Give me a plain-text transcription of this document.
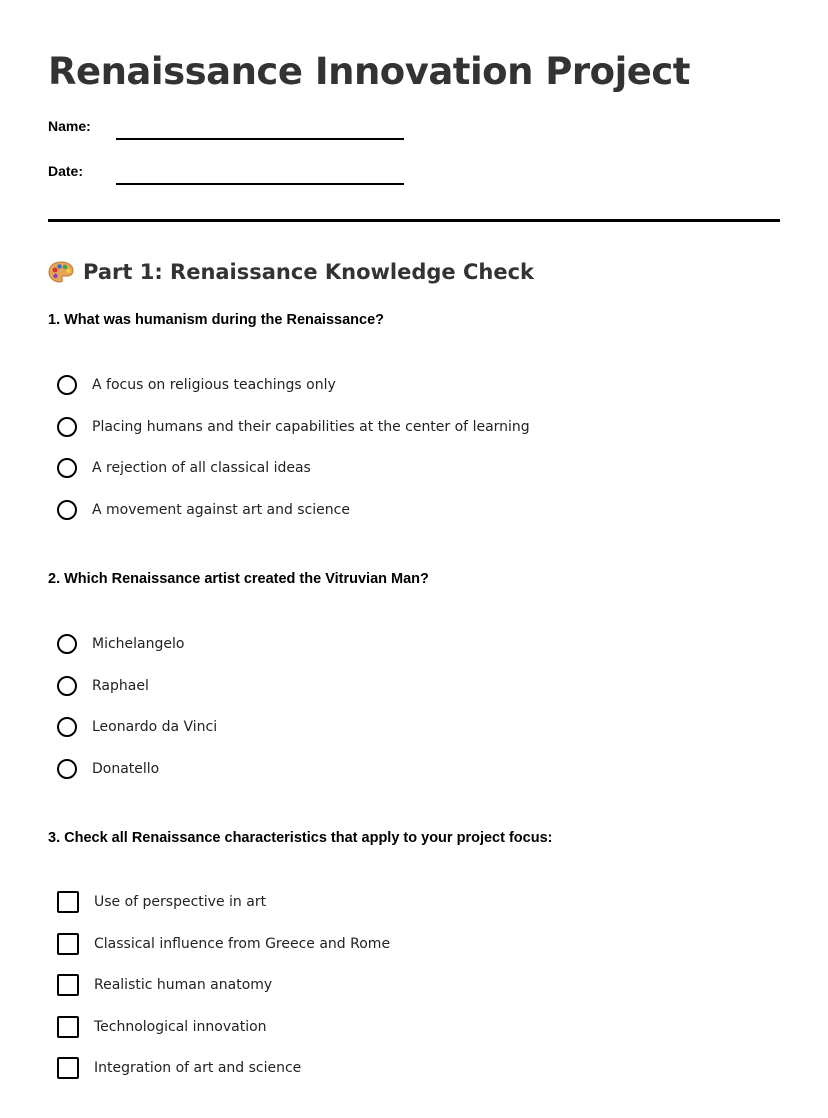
Renaissance Innovation Project
Name:
Date:
Part 1: Renaissance Knowledge Check
1. What was humanism during the Renaissance?
A focus on religious teachings only
Placing humans and their capabilities at the center of learning
A rejection of all classical ideas
A movement against art and science
2. Which Renaissance artist created the Vitruvian Man?
Michelangelo
Raphael
Leonardo da Vinci
Donatello
3. Check all Renaissance characteristics that apply to your project focus:
Use of perspective in art
Classical influence from Greece and Rome
Realistic human anatomy
Technological innovation
Integration of art and science
